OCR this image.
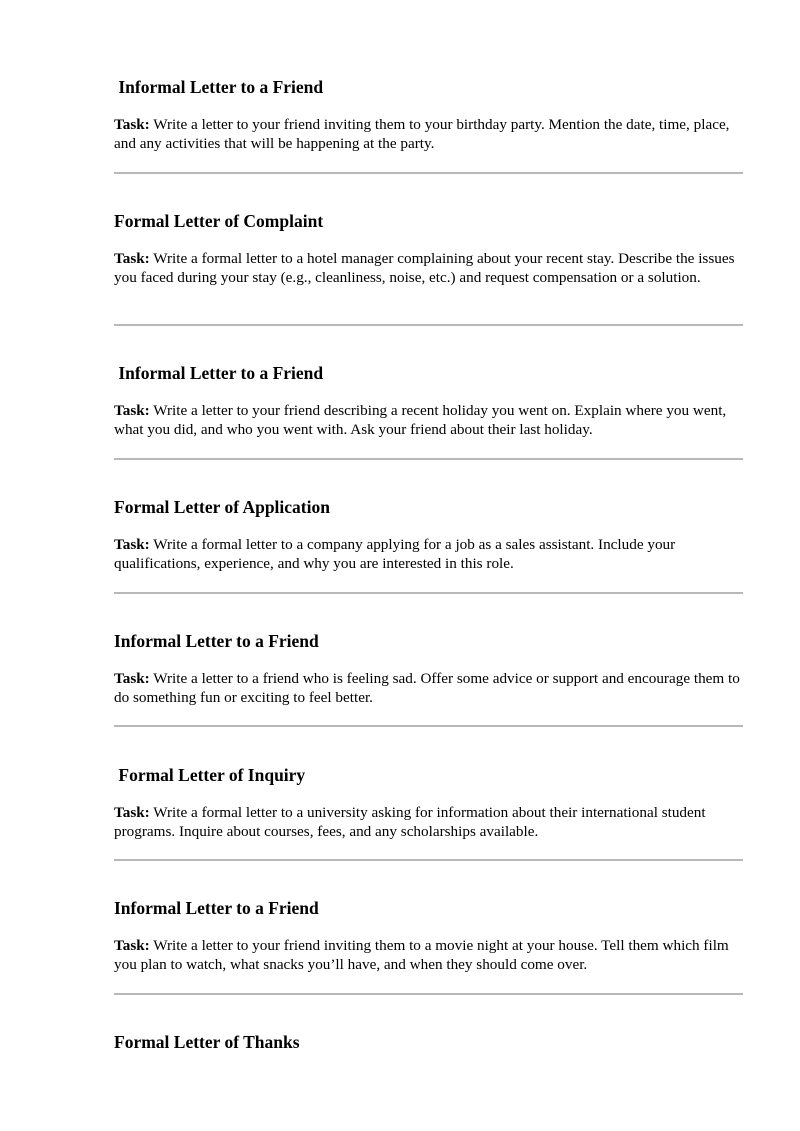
Informal Letter to a Friend

Task: Write a letter to your friend inviting them to your birthday party. Mention the date, time, place, and any activities that will be happening at the party.

Formal Letter of Complaint

Task: Write a formal letter to a hotel manager complaining about your recent stay. Describe the issues you faced during your stay (e.g., cleanliness, noise, etc.) and request compensation or a solution.

Informal Letter to a Friend

Task: Write a letter to your friend describing a recent holiday you went on. Explain where you went, what you did, and who you went with. Ask your friend about their last holiday.

Formal Letter of Application

Task: Write a formal letter to a company applying for a job as a sales assistant. Include your qualifications, experience, and why you are interested in this role.

Informal Letter to a Friend

Task: Write a letter to a friend who is feeling sad. Offer some advice or support and encourage them to do something fun or exciting to feel better.

Formal Letter of Inquiry

Task: Write a formal letter to a university asking for information about their international student programs. Inquire about courses, fees, and any scholarships available.

Informal Letter to a Friend

Task: Write a letter to your friend inviting them to a movie night at your house. Tell them which film you plan to watch, what snacks you’ll have, and when they should come over.

Formal Letter of Thanks
